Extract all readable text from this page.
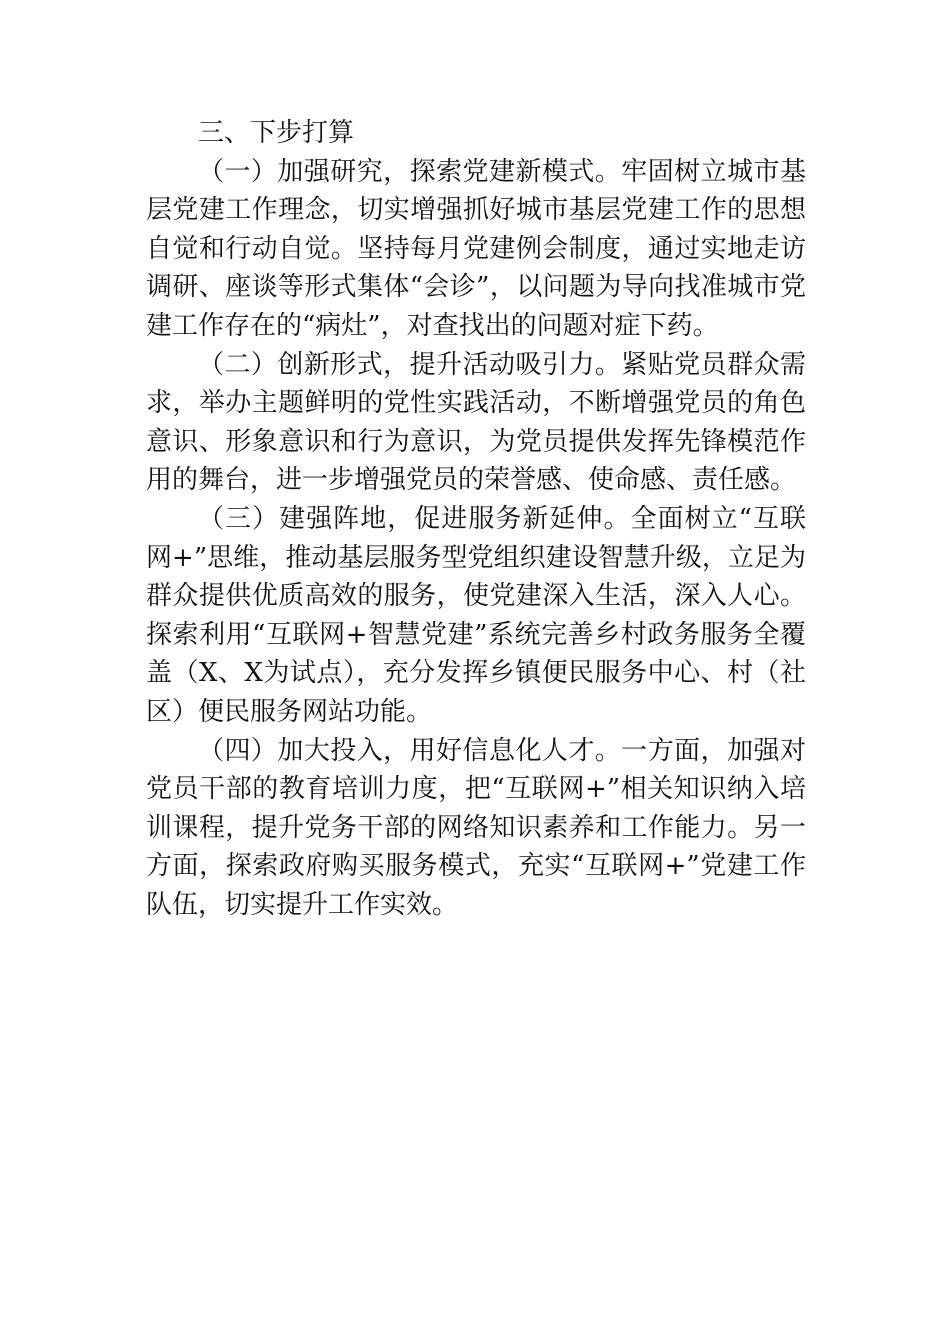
三、下步打算

（一）加强研究，探索党建新模式。牢固树立城市基层党建工作理念，切实增强抓好城市基层党建工作的思想自觉和行动自觉。坚持每月党建例会制度，通过实地走访调研、座谈等形式集体“会诊”，以问题为导向找准城市党建工作存在的“病灶”，对查找出的问题对症下药。

（二）创新形式，提升活动吸引力。紧贴党员群众需求，举办主题鲜明的党性实践活动，不断增强党员的角色意识、形象意识和行为意识，为党员提供发挥先锋模范作用的舞台，进一步增强党员的荣誉感、使命感、责任感。

（三）建强阵地，促进服务新延伸。全面树立“互联网+”思维，推动基层服务型党组织建设智慧升级，立足为群众提供优质高效的服务，使党建深入生活，深入人心。探索利用“互联网+智慧党建”系统完善乡村政务服务全覆盖（X、X为试点），充分发挥乡镇便民服务中心、村（社区）便民服务网站功能。

（四）加大投入，用好信息化人才。一方面，加强对党员干部的教育培训力度，把“互联网+”相关知识纳入培训课程，提升党务干部的网络知识素养和工作能力。另一方面，探索政府购买服务模式，充实“互联网+”党建工作队伍，切实提升工作实效。
